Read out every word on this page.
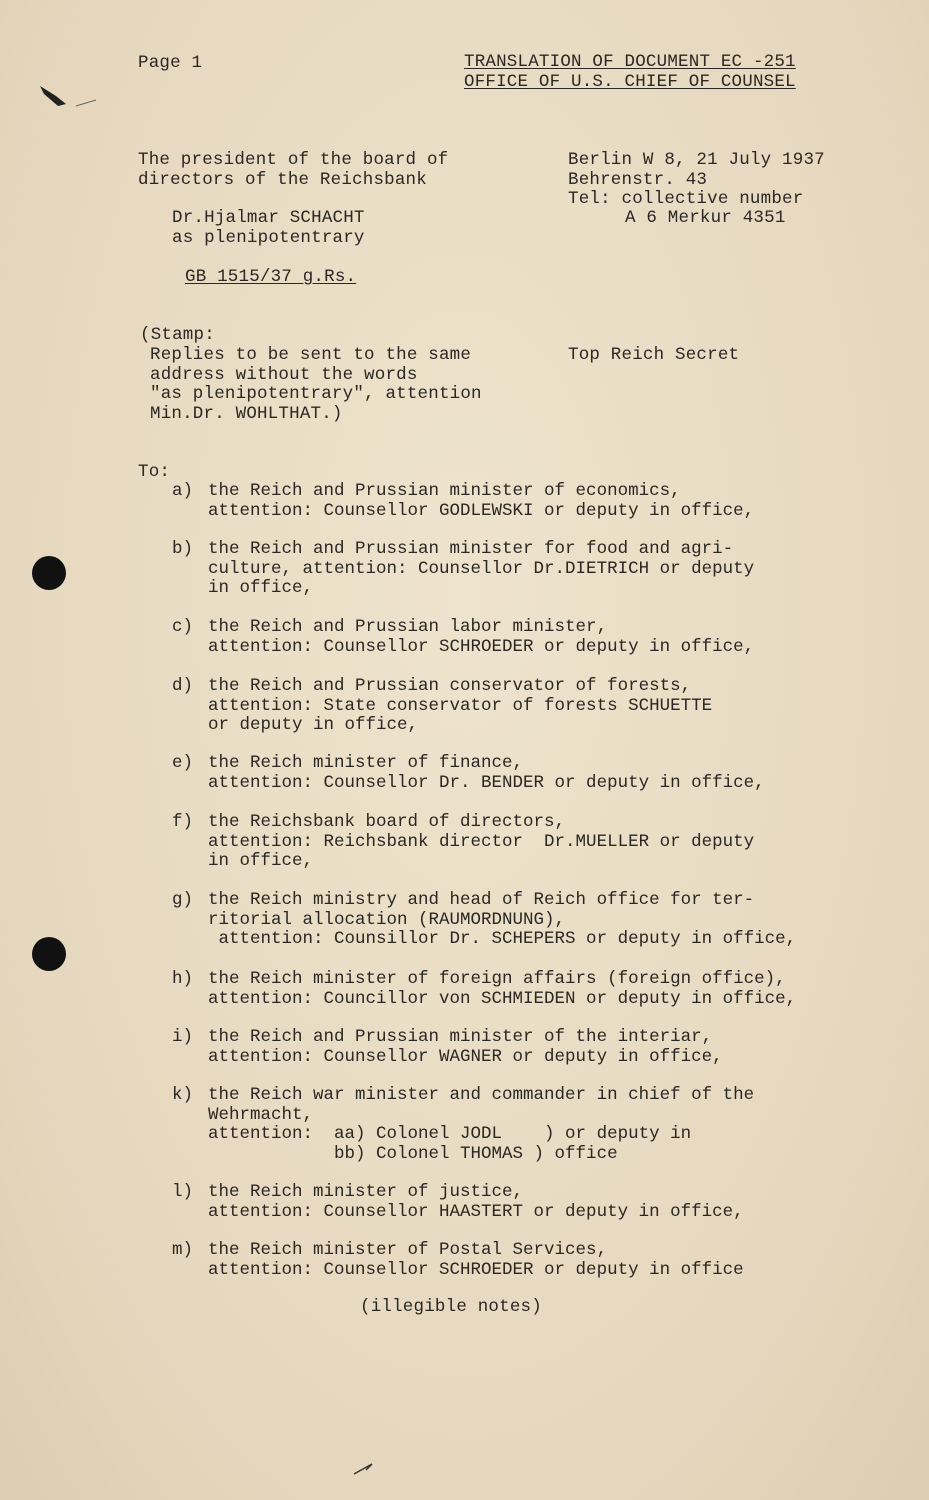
Page 1	TRANSLATION OF DOCUMENT EC -251
OFFICE OF U.S. CHIEF OF COUNSEL
The president of the board of
directors of the Reichsbank
Dr.Hjalmar SCHACHT
as plenipotentrary
GB 1515/37 g.Rs.
Berlin W 8, 21 July 1937
Behrenstr. 43
Tel: collective number
A 6 Merkur 4351
(Stamp:
Replies to be sent to the same
address without the words
"as plenipotentrary", attention
Min.Dr. WOHLTHAT.)
Top Reich Secret
To:
a) the Reich and Prussian minister of economics,
attention: Counsellor GODLEWSKI or deputy in office,
b) the Reich and Prussian minister for food and agri-
culture, attention: Counsellor Dr.DIETRICH or deputy
in office,
c) the Reich and Prussian labor minister,
attention: Counsellor SCHROEDER or deputy in office,
d) the Reich and Prussian conservator of forests,
attention: State conservator of forests SCHUETTE
or deputy in office,
e) the Reich minister of finance,
attention: Counsellor Dr. BENDER or deputy in office,
f) the Reichsbank board of directors,
attention: Reichsbank director  Dr.MUELLER or deputy
in office,
g) the Reich ministry and head of Reich office for ter-
ritorial allocation (RAUMORDNUNG),
attention: Counsillor Dr. SCHEPERS or deputy in office,
h) the Reich minister of foreign affairs (foreign office),
attention: Councillor von SCHMIEDEN or deputy in office,
i) the Reich and Prussian minister of the interiar,
attention: Counsellor WAGNER or deputy in office,
k) the Reich war minister and commander in chief of the
Wehrmacht,
attention:  aa) Colonel JODL    ) or deputy in
bb) Colonel THOMAS ) office
l) the Reich minister of justice,
attention: Counsellor HAASTERT or deputy in office,
m) the Reich minister of Postal Services,
attention: Counsellor SCHROEDER or deputy in office
(illegible notes)
